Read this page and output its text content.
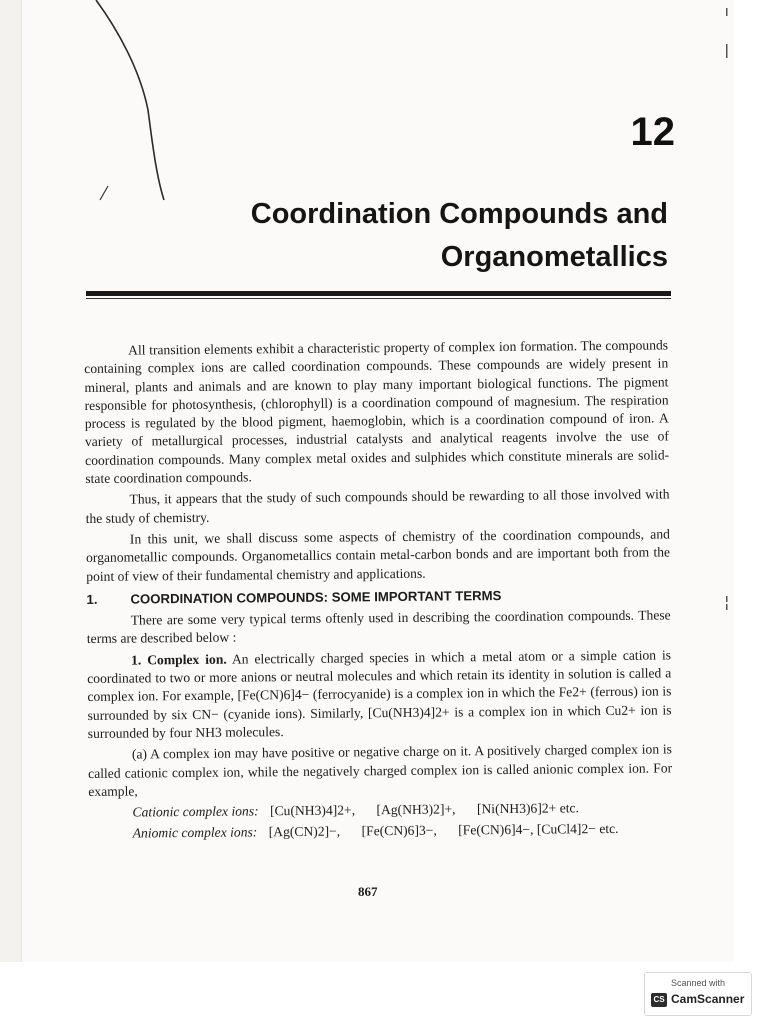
12
Coordination Compounds and
Organometallics

All transition elements exhibit a characteristic property of complex ion formation. The compounds containing complex ions are called coordination compounds. These compounds are widely present in mineral, plants and animals and are known to play many important biological functions. The pigment responsible for photosynthesis, (chlorophyll) is a coordination compound of magnesium. The respiration process is regulated by the blood pigment, haemoglobin, which is a coordination compound of iron. A variety of metallurgical processes, industrial catalysts and analytical reagents involve the use of coordination compounds. Many complex metal oxides and sulphides which constitute minerals are solid-state coordination compounds.

Thus, it appears that the study of such compounds should be rewarding to all those involved with the study of chemistry.

In this unit, we shall discuss some aspects of chemistry of the coordination compounds, and organometallic compounds. Organometallics contain metal-carbon bonds and are important both from the point of view of their fundamental chemistry and applications.

1. COORDINATION COMPOUNDS: SOME IMPORTANT TERMS

There are some very typical terms oftenly used in describing the coordination compounds. These terms are described below :

1. Complex ion. An electrically charged species in which a metal atom or a simple cation is coordinated to two or more anions or neutral molecules and which retain its identity in solution is called a complex ion. For example, [Fe(CN)6]4− (ferrocyanide) is a complex ion in which the Fe2+ (ferrous) ion is surrounded by six CN− (cyanide ions). Similarly, [Cu(NH3)4]2+ is a complex ion in which Cu2+ ion is surrounded by four NH3 molecules.

(a) A complex ion may have positive or negative charge on it. A positively charged complex ion is called cationic complex ion, while the negatively charged complex ion is called anionic complex ion. For example,

Cationic complex ions: [Cu(NH3)4]2+, [Ag(NH3)2]+, [Ni(NH3)6]2+ etc.
Aniomic complex ions: [Ag(CN)2]−, [Fe(CN)6]3−, [Fe(CN)6]4−, [CuCl4]2− etc.
867
Scanned with
CS CamScanner
